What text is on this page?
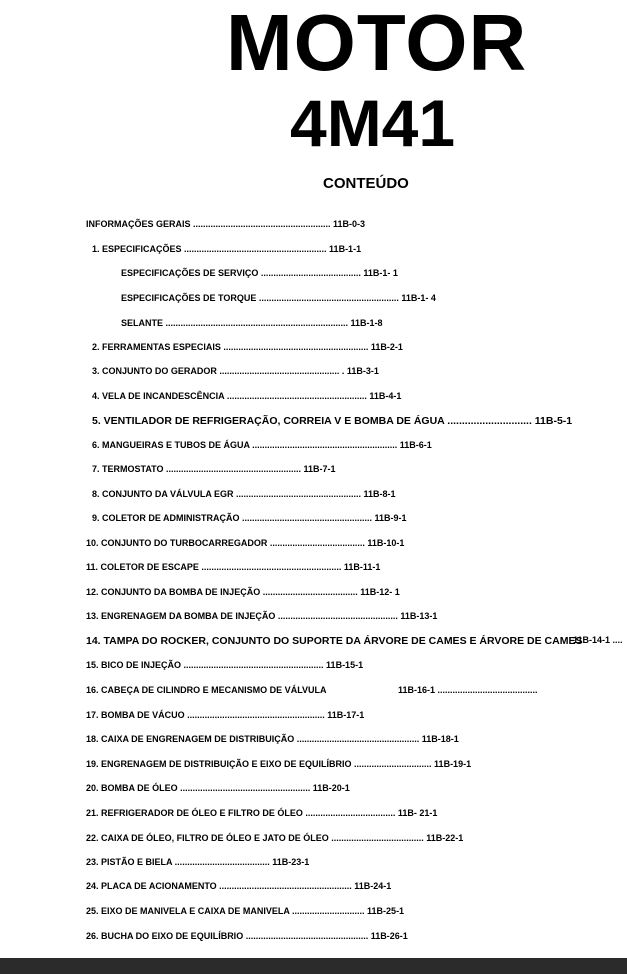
MOTOR
4M41
CONTEÚDO
INFORMAÇÕES GERAIS ....................................................... 11B-0-3
1. ESPECIFICAÇÕES ......................................................... 11B-1-1
ESPECIFICAÇÕES DE SERVIÇO ........................................ 11B-1- 1
ESPECIFICAÇÕES DE TORQUE ........................................................ 11B-1- 4
SELANTE ......................................................................... 11B-1-8
2. FERRAMENTAS ESPECIAIS .......................................................... 11B-2-1
3. CONJUNTO DO GERADOR ................................................ . 11B-3-1
4. VELA DE INCANDESCÊNCIA ........................................................ 11B-4-1
5. VENTILADOR DE REFRIGERAÇÃO, CORREIA V E BOMBA DE ÁGUA ............................. 11B-5-1
6. MANGUEIRAS E TUBOS DE ÁGUA .......................................................... 11B-6-1
7. TERMOSTATO ...................................................... 11B-7-1
8. CONJUNTO DA VÁLVULA EGR .................................................. 11B-8-1
9. COLETOR DE ADMINISTRAÇÃO .................................................... 11B-9-1
10. CONJUNTO DO TURBOCARREGADOR ...................................... 11B-10-1
11. COLETOR DE ESCAPE ........................................................ 11B-11-1
12. CONJUNTO DA BOMBA DE INJEÇÃO ...................................... 11B-12- 1
13. ENGRENAGEM DA BOMBA DE INJEÇÃO ................................................ 11B-13-1
14. TAMPA DO ROCKER, CONJUNTO DO SUPORTE DA ÁRVORE DE CAMES E ÁRVORE DE CAMES
11B-14-1 ....
15. BICO DE INJEÇÃO ........................................................ 11B-15-1
16. CABEÇA DE CILINDRO E MECANISMO DE VÁLVULA	11B-16-1 ........................................
17. BOMBA DE VÁCUO ....................................................... 11B-17-1
18. CAIXA DE ENGRENAGEM DE DISTRIBUIÇÃO ................................................. 11B-18-1
19. ENGRENAGEM DE DISTRIBUIÇÃO E EIXO DE EQUILÍBRIO ............................... 11B-19-1
20. BOMBA DE ÓLEO .................................................... 11B-20-1
21. REFRIGERADOR DE ÓLEO E FILTRO DE ÓLEO .................................... 11B- 21-1
22. CAIXA DE ÓLEO, FILTRO DE ÓLEO E JATO DE ÓLEO ..................................... 11B-22-1
23. PISTÃO E BIELA ...................................... 11B-23-1
24. PLACA DE ACIONAMENTO ..................................................... 11B-24-1
25. EIXO DE MANIVELA E CAIXA DE MANIVELA ............................. 11B-25-1
26. BUCHA DO EIXO DE EQUILÍBRIO ................................................. 11B-26-1
